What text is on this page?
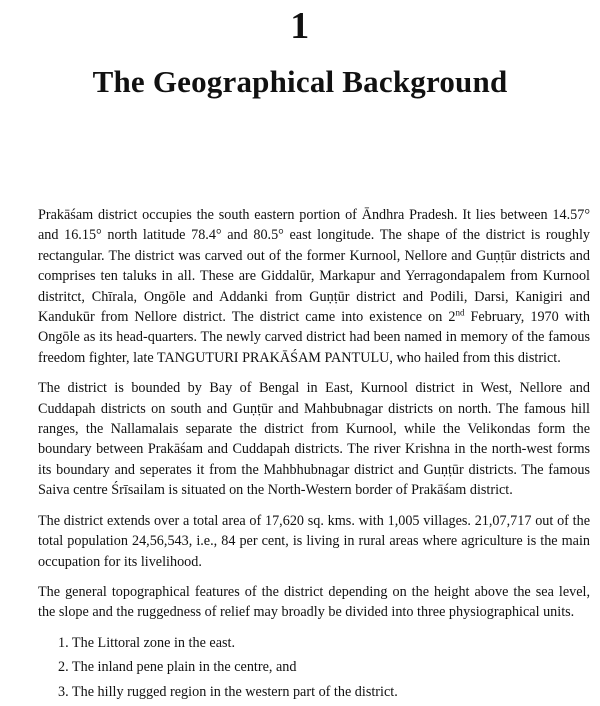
1
The Geographical Background

Prakāśam district occupies the south eastern portion of Āndhra Pradesh. It lies between 14.57° and 16.15° north latitude 78.4° and 80.5° east longitude. The shape of the district is roughly rectangular. The district was carved out of the former Kurnool, Nellore and Guṇṭūr districts and comprises ten taluks in all. These are Giddalūr, Markapur and Yerragondapalem from Kurnool distritct, Chīrala, Ongōle and Addanki from Guṇṭūr district and Podili, Darsi, Kanigiri and Kandukūr from Nellore district. The district came into existence on 2nd February, 1970 with Ongōle as its head-quarters. The newly carved district had been named in memory of the famous freedom fighter, late TANGUTURI PRAKĀŚAM PANTULU, who hailed from this district.

The district is bounded by Bay of Bengal in East, Kurnool district in West, Nellore and Cuddapah districts on south and Guṇṭūr and Mahbubnagar districts on north. The famous hill ranges, the Nallamalais separate the district from Kurnool, while the Velikondas form the boundary between Prakāśam and Cuddapah districts. The river Krishna in the north-west forms its boundary and seperates it from the Mahbhubnagar district and Guṇṭūr districts. The famous Saiva centre Śrīsailam is situated on the North-Western border of Prakāśam district.

The district extends over a total area of 17,620 sq. kms. with 1,005 villages. 21,07,717 out of the total population 24,56,543, i.e., 84 per cent, is living in rural areas where agriculture is the main occupation for its livelihood.

The general topographical features of the district depending on the height above the sea level, the slope and the ruggedness of relief may broadly be divided into three physiographical units.

1. The Littoral zone in the east.
2. The inland pene plain in the centre, and
3. The hilly rugged region in the western part of the district.
